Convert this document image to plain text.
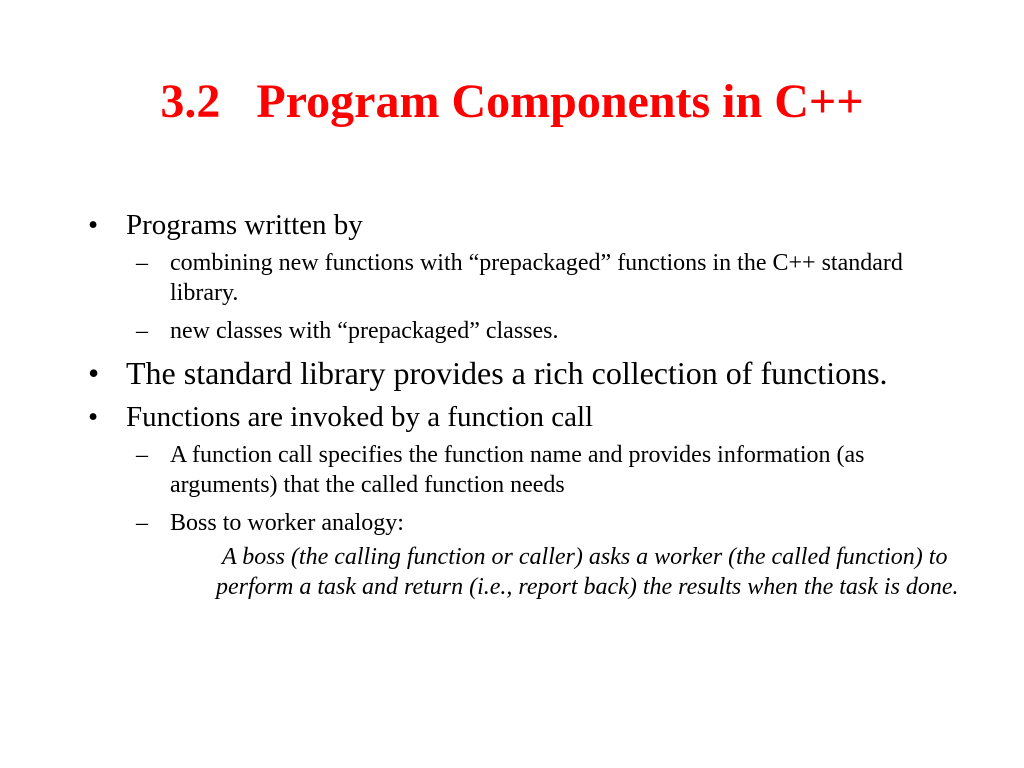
3.2   Program Components in C++
• Programs written by
– combining new functions with “prepackaged” functions in the C++ standard library.
– new classes with “prepackaged” classes.
• The standard library provides a rich collection of functions.
• Functions are invoked by a function call
– A function call specifies the function name and provides information (as arguments) that the called function needs
– Boss to worker analogy:
A boss (the calling function or caller) asks a worker (the called function) to perform a task and return (i.e., report back) the results when the task is done.
